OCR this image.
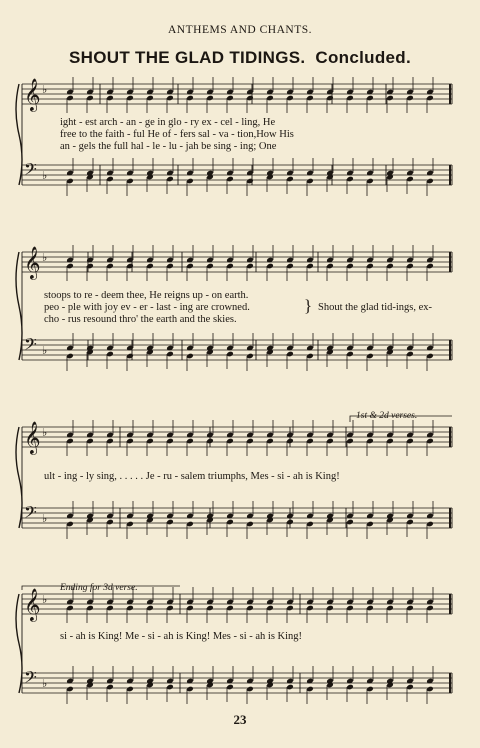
ANTHEMS AND CHANTS.
SHOUT THE GLAD TIDINGS. Concluded.
𝄞 ♭
𝄢 ♭
𝄞 ♭
𝄢 ♭
𝄞 ♭
𝄢 ♭
𝄞 ♭
𝄢 ♭
ight - est arch - an - ge in glo - ry ex - cel - ling, He
free to the faith - ful He of - fers sal - va - tion,How His
an - gels the full hal - le - lu - jah be sing - ing; One
stoops to re - deem thee, He reigns up - on earth.
peo - ple with joy ev - er - last - ing are crowned.
cho - rus resound thro' the earth and the skies.
} Shout the glad tid-ings, ex-
1st & 2d verses.
ult - ing - ly sing, . . . . . Je - ru - salem triumphs, Mes - si - ah is King!
Ending for 3d verse.
si - ah is King! Me - si - ah is King! Mes - si - ah is King!
23
